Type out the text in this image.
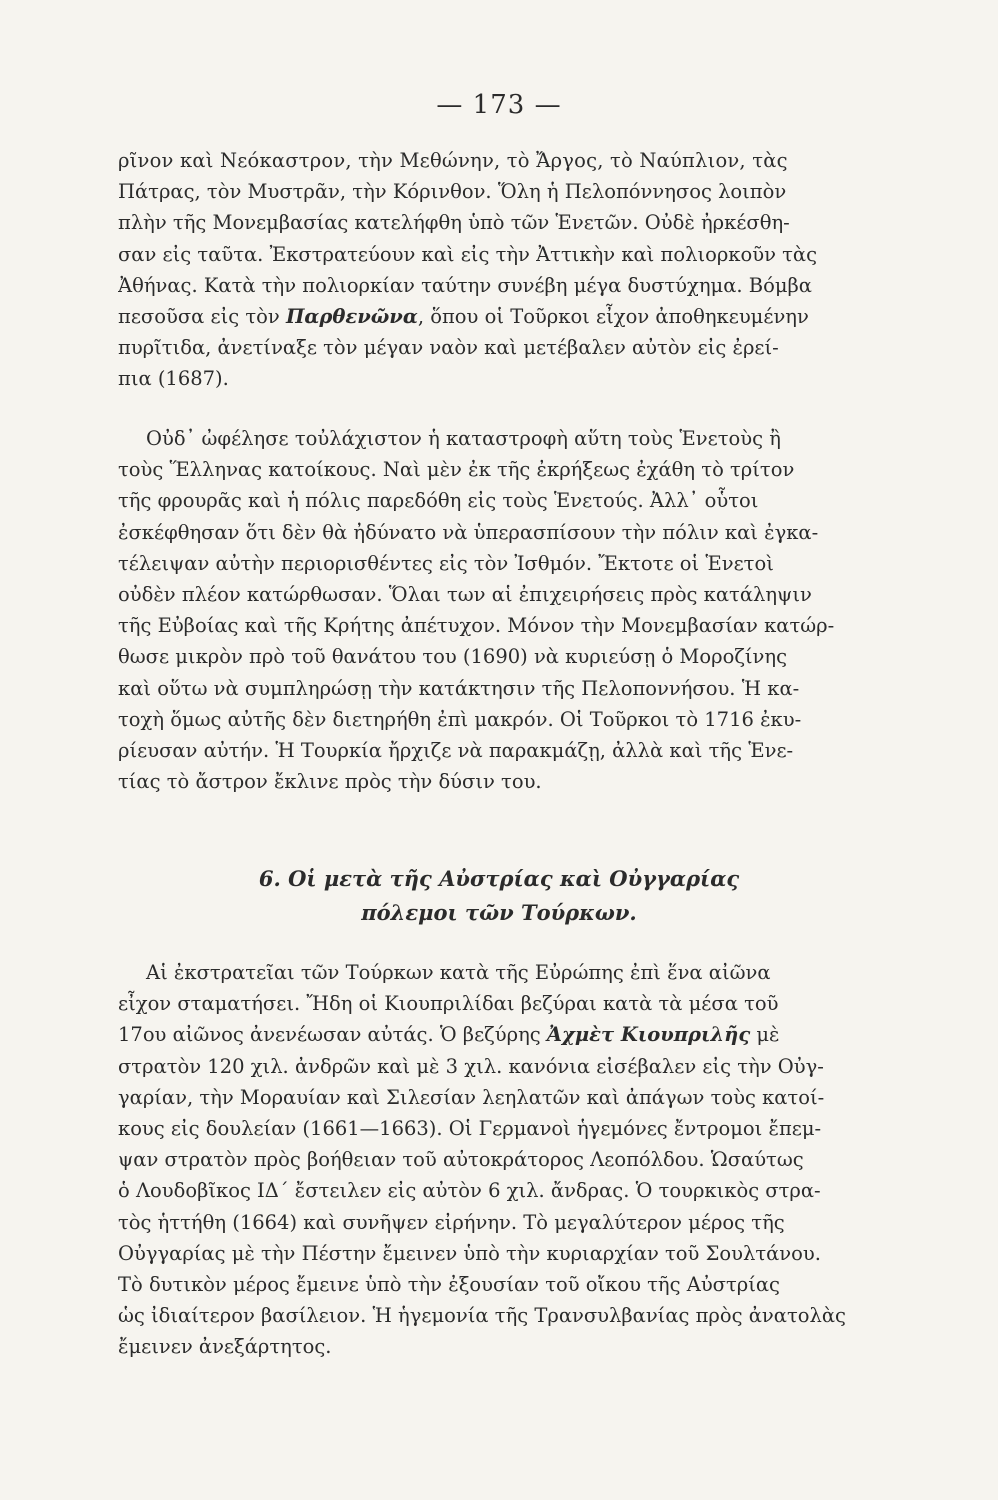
— 173 —
ρῖνον καὶ Νεόκαστρον, τὴν Μεθώνην, τὸ Ἄργος, τὸ Ναύπλιον, τὰς
Πάτρας, τὸν Μυστρᾶν, τὴν Κόρινθον. Ὅλη ἡ Πελοπόννησος λοιπὸν
πλὴν τῆς Μονεμβασίας κατελήφθη ὑπὸ τῶν Ἑνετῶν. Οὐδὲ ἠρκέσθη-
σαν εἰς ταῦτα. Ἐκστρατεύουν καὶ εἰς τὴν Ἀττικὴν καὶ πολιορκοῦν τὰς
Ἀθήνας. Κατὰ τὴν πολιορκίαν ταύτην συνέβη μέγα δυστύχημα. Βόμβα
πεσοῦσα εἰς τὸν Παρθενῶνα, ὅπου οἱ Τοῦρκοι εἶχον ἀποθηκευμένην
πυρῖτιδα, ἀνετίναξε τὸν μέγαν ναὸν καὶ μετέβαλεν αὐτὸν εἰς ἐρεί-
πια (1687).
Οὐδ᾿ ὠφέλησε τοὐλάχιστον ἡ καταστροφὴ αὕτη τοὺς Ἑνετοὺς ἢ
τοὺς Ἕλληνας κατοίκους. Ναὶ μὲν ἐκ τῆς ἐκρήξεως ἐχάθη τὸ τρίτον
τῆς φρουρᾶς καὶ ἡ πόλις παρεδόθη εἰς τοὺς Ἑνετούς. Ἀλλ᾿ οὗτοι
ἐσκέφθησαν ὅτι δὲν θὰ ἠδύνατο νὰ ὑπερασπίσουν τὴν πόλιν καὶ ἐγκα-
τέλειψαν αὐτὴν περιορισθέντες εἰς τὸν Ἰσθμόν. Ἔκτοτε οἱ Ἑνετοὶ
οὐδὲν πλέον κατώρθωσαν. Ὅλαι των αἱ ἐπιχειρήσεις πρὸς κατάληψιν
τῆς Εὐβοίας καὶ τῆς Κρήτης ἀπέτυχον. Μόνον τὴν Μονεμβασίαν κατώρ-
θωσε μικρὸν πρὸ τοῦ θανάτου του (1690) νὰ κυριεύσῃ ὁ Μοροζίνης
καὶ οὕτω νὰ συμπληρώσῃ τὴν κατάκτησιν τῆς Πελοποννήσου. Ἡ κα-
τοχὴ ὅμως αὐτῆς δὲν διετηρήθη ἐπὶ μακρόν. Οἱ Τοῦρκοι τὸ 1716 ἐκυ-
ρίευσαν αὐτήν. Ἡ Τουρκία ἤρχιζε νὰ παρακμάζῃ, ἀλλὰ καὶ τῆς Ἑνε-
τίας τὸ ἄστρον ἔκλινε πρὸς τὴν δύσιν του.
6. Οἱ μετὰ τῆς Αὐστρίας καὶ Οὐγγαρίας
πόλεμοι τῶν Τούρκων.
Αἱ ἐκστρατεῖαι τῶν Τούρκων κατὰ τῆς Εὐρώπης ἐπὶ ἕνα αἰῶνα
εἶχον σταματήσει. Ἤδη οἱ Κιουπριλίδαι βεζύραι κατὰ τὰ μέσα τοῦ
17ου αἰῶνος ἀνενέωσαν αὐτάς. Ὁ βεζύρης Ἀχμὲτ Κιουπριλῆς μὲ
στρατὸν 120 χιλ. ἀνδρῶν καὶ μὲ 3 χιλ. κανόνια εἰσέβαλεν εἰς τὴν Οὐγ-
γαρίαν, τὴν Μοραυίαν καὶ Σιλεσίαν λεηλατῶν καὶ ἀπάγων τοὺς κατοί-
κους εἰς δουλείαν (1661—1663). Οἱ Γερμανοὶ ἡγεμόνες ἔντρομοι ἔπεμ-
ψαν στρατὸν πρὸς βοήθειαν τοῦ αὐτοκράτορος Λεοπόλδου. Ὡσαύτως
ὁ Λουδοβῖκος ΙΔ΄ ἔστειλεν εἰς αὐτὸν 6 χιλ. ἄνδρας. Ὁ τουρκικὸς στρα-
τὸς ἡττήθη (1664) καὶ συνῆψεν εἰρήνην. Τὸ μεγαλύτερον μέρος τῆς
Οὐγγαρίας μὲ τὴν Πέστην ἔμεινεν ὑπὸ τὴν κυριαρχίαν τοῦ Σουλτάνου.
Τὸ δυτικὸν μέρος ἔμεινε ὑπὸ τὴν ἐξουσίαν τοῦ οἴκου τῆς Αὐστρίας
ὡς ἰδιαίτερον βασίλειον. Ἡ ἡγεμονία τῆς Τρανσυλβανίας πρὸς ἀνατολὰς
ἔμεινεν ἀνεξάρτητος.
